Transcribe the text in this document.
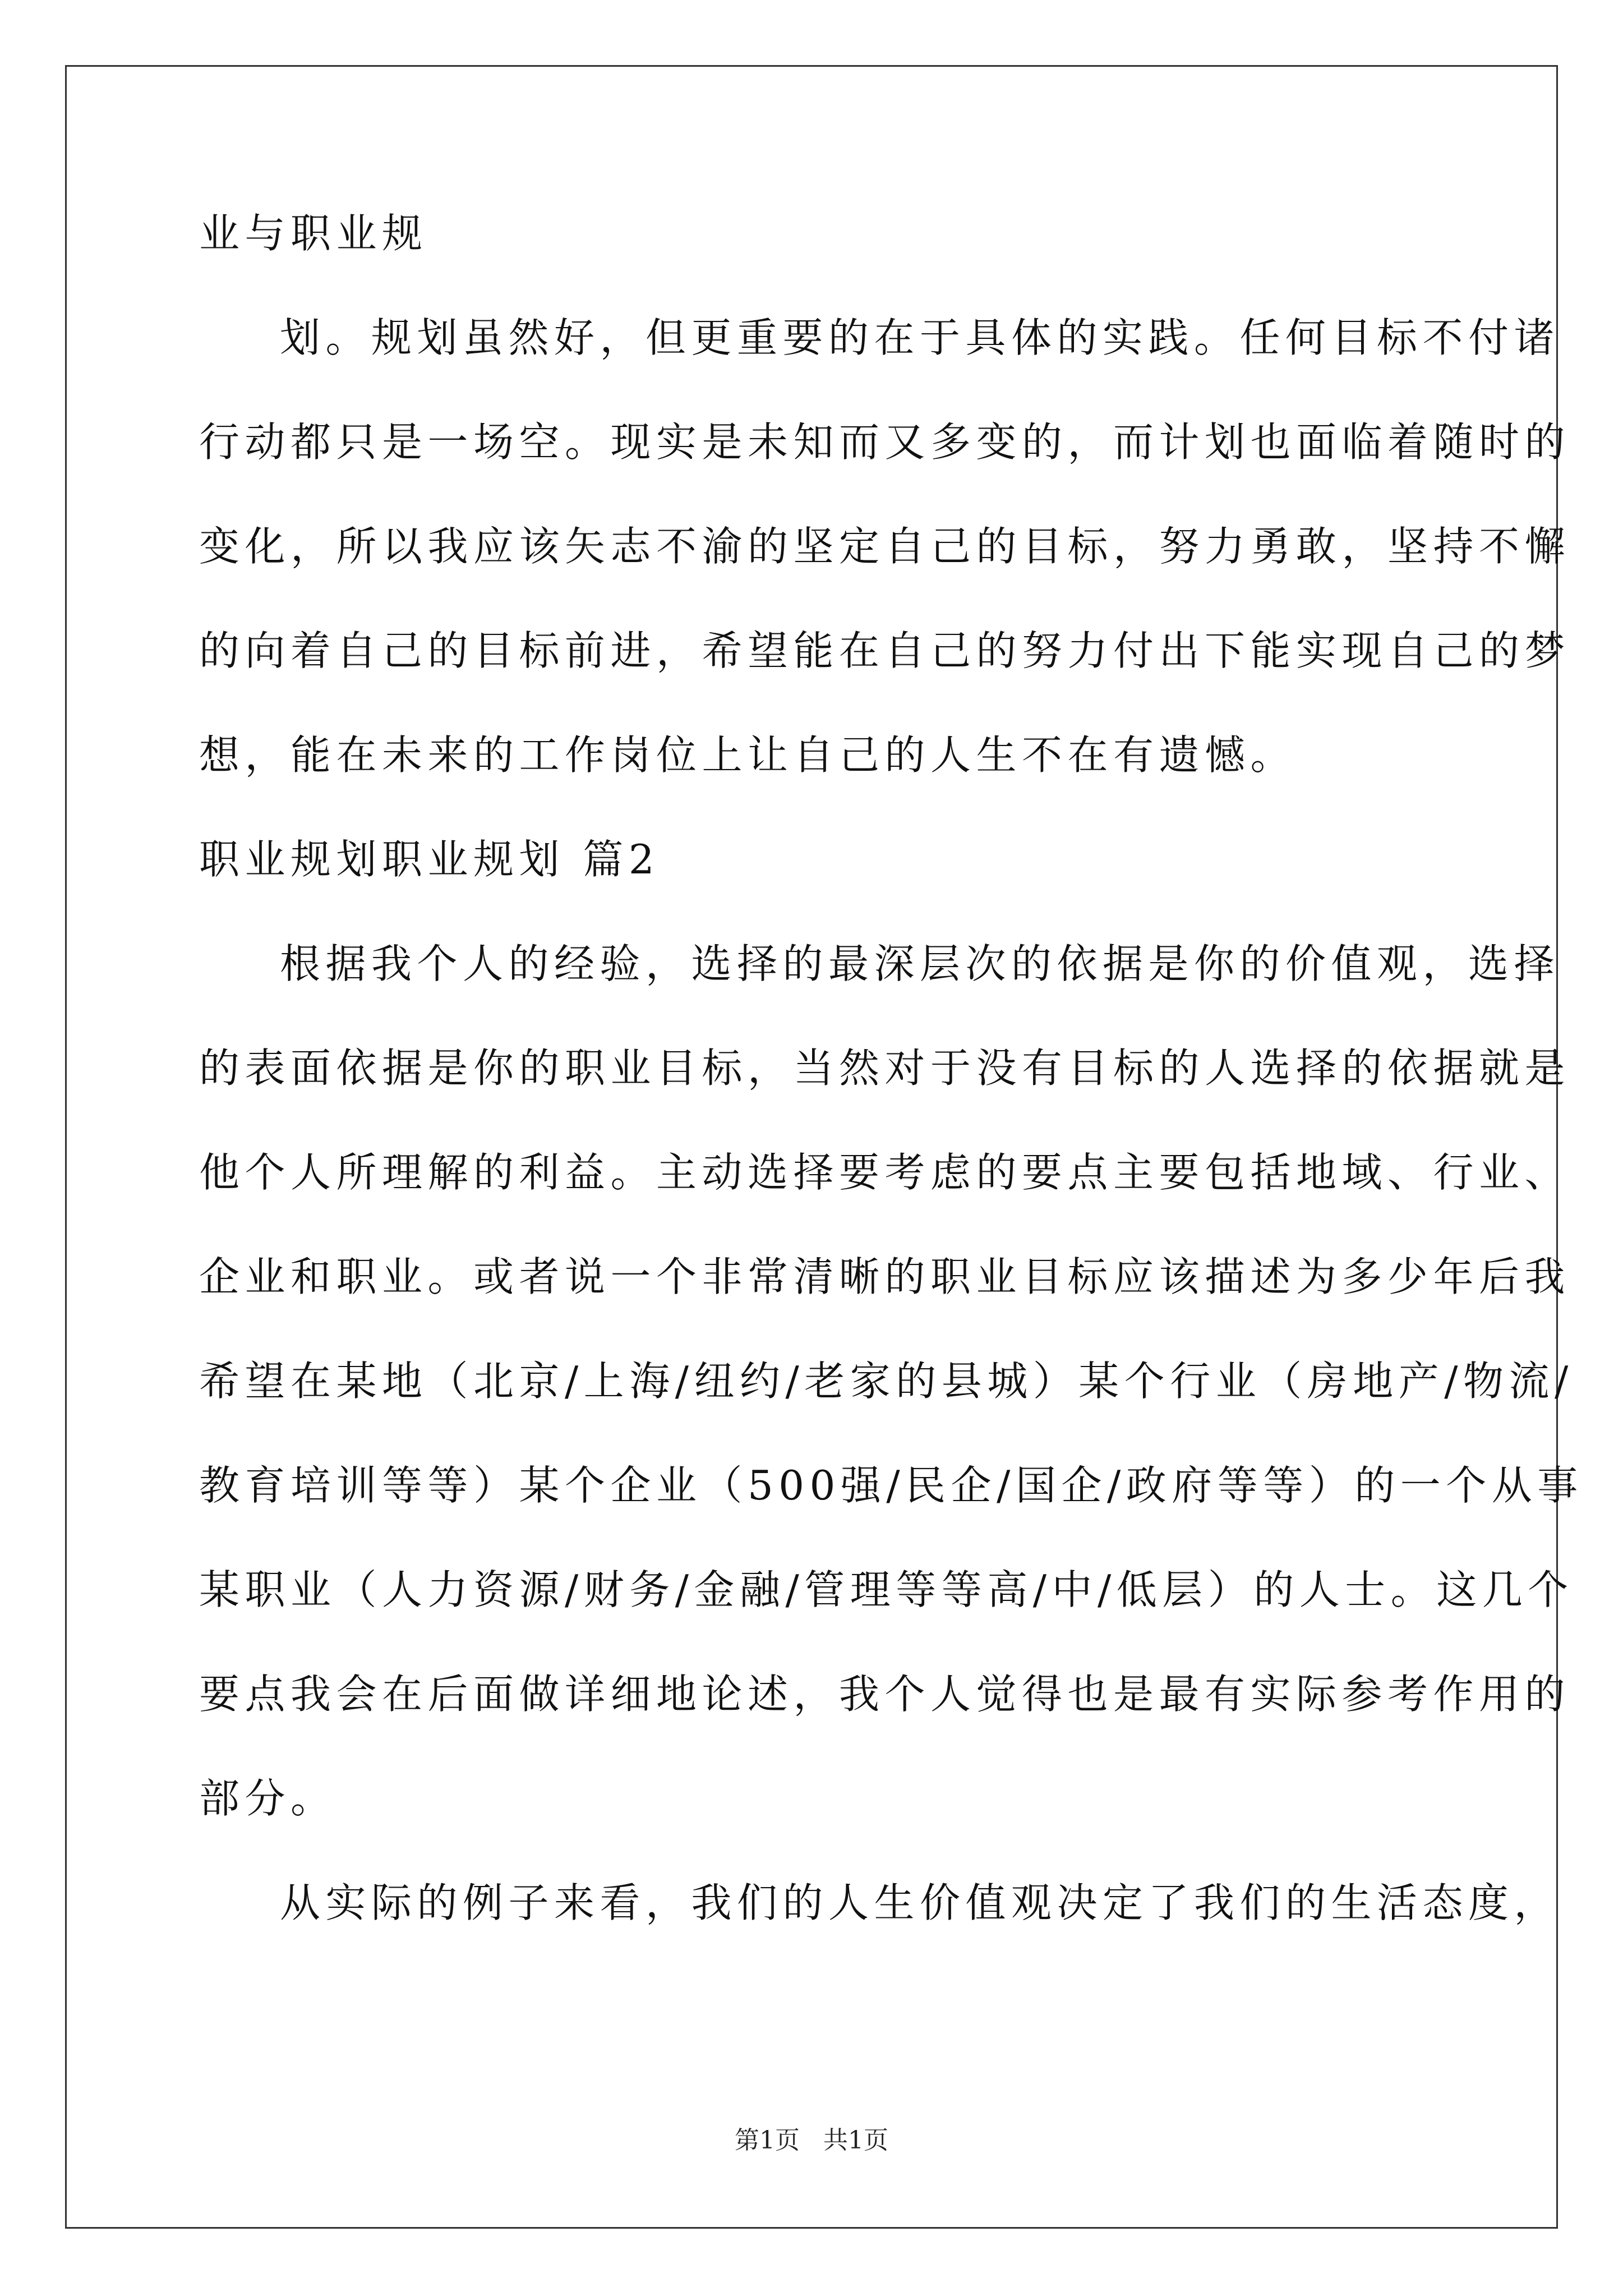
业与职业规
划。规划虽然好，但更重要的在于具体的实践。任何目标不付诸
行动都只是一场空。现实是未知而又多变的，而计划也面临着随时的
变化，所以我应该矢志不渝的坚定自己的目标，努力勇敢，坚持不懈
的向着自己的目标前进，希望能在自己的努力付出下能实现自己的梦
想，能在未来的工作岗位上让自己的人生不在有遗憾。
职业规划职业规划 篇2
根据我个人的经验，选择的最深层次的依据是你的价值观，选择
的表面依据是你的职业目标，当然对于没有目标的人选择的依据就是
他个人所理解的利益。主动选择要考虑的要点主要包括地域、行业、
企业和职业。或者说一个非常清晰的职业目标应该描述为多少年后我
希望在某地（北京/上海/纽约/老家的县城）某个行业（房地产/物流/
教育培训等等）某个企业（500强/民企/国企/政府等等）的一个从事
某职业（人力资源/财务/金融/管理等等高/中/低层）的人士。这几个
要点我会在后面做详细地论述，我个人觉得也是最有实际参考作用的
部分。
从实际的例子来看，我们的人生价值观决定了我们的生活态度，
第1页   共1页
